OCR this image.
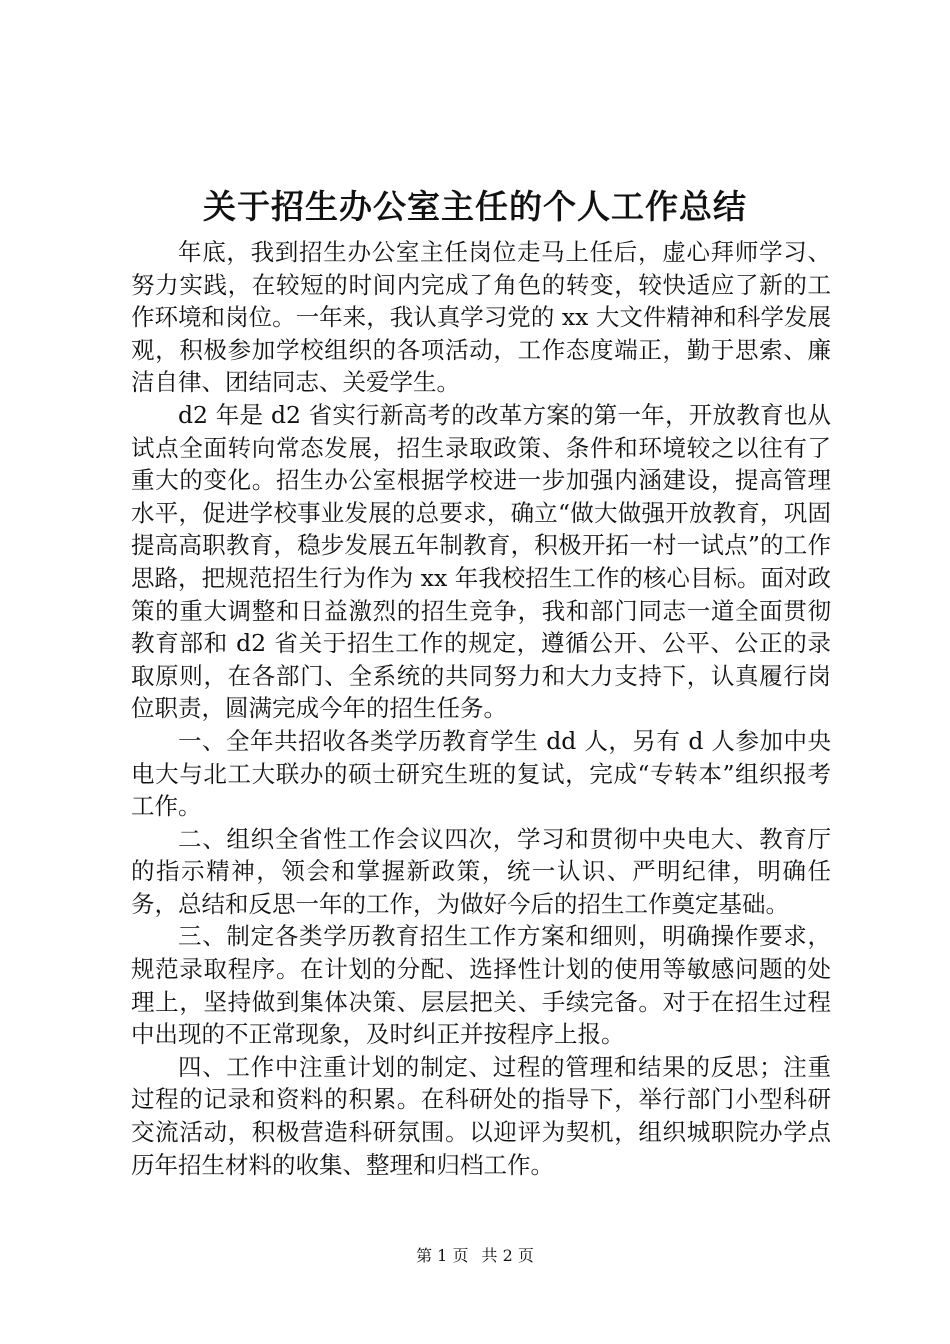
关于招生办公室主任的个人工作总结

年底，我到招生办公室主任岗位走马上任后，虚心拜师学习、努力实践，在较短的时间内完成了角色的转变，较快适应了新的工作环境和岗位。一年来，我认真学习党的 xx 大文件精神和科学发展观，积极参加学校组织的各项活动，工作态度端正，勤于思索、廉洁自律、团结同志、关爱学生。

d2 年是 d2 省实行新高考的改革方案的第一年，开放教育也从试点全面转向常态发展，招生录取政策、条件和环境较之以往有了重大的变化。招生办公室根据学校进一步加强内涵建设，提高管理水平，促进学校事业发展的总要求，确立“做大做强开放教育，巩固提高高职教育，稳步发展五年制教育，积极开拓一村一试点”的工作思路，把规范招生行为作为 xx 年我校招生工作的核心目标。面对政策的重大调整和日益激烈的招生竞争，我和部门同志一道全面贯彻教育部和 d2 省关于招生工作的规定，遵循公开、公平、公正的录取原则，在各部门、全系统的共同努力和大力支持下，认真履行岗位职责，圆满完成今年的招生任务。

一、全年共招收各类学历教育学生 dd 人，另有 d 人参加中央电大与北工大联办的硕士研究生班的复试，完成“专转本”组织报考工作。

二、组织全省性工作会议四次，学习和贯彻中央电大、教育厅的指示精神，领会和掌握新政策，统一认识、严明纪律，明确任务，总结和反思一年的工作，为做好今后的招生工作奠定基础。

三、制定各类学历教育招生工作方案和细则，明确操作要求，规范录取程序。在计划的分配、选择性计划的使用等敏感问题的处理上，坚持做到集体决策、层层把关、手续完备。对于在招生过程中出现的不正常现象，及时纠正并按程序上报。

四、工作中注重计划的制定、过程的管理和结果的反思；注重过程的记录和资料的积累。在科研处的指导下，举行部门小型科研交流活动，积极营造科研氛围。以迎评为契机，组织城职院办学点历年招生材料的收集、整理和归档工作。

第 1 页 共 2 页
